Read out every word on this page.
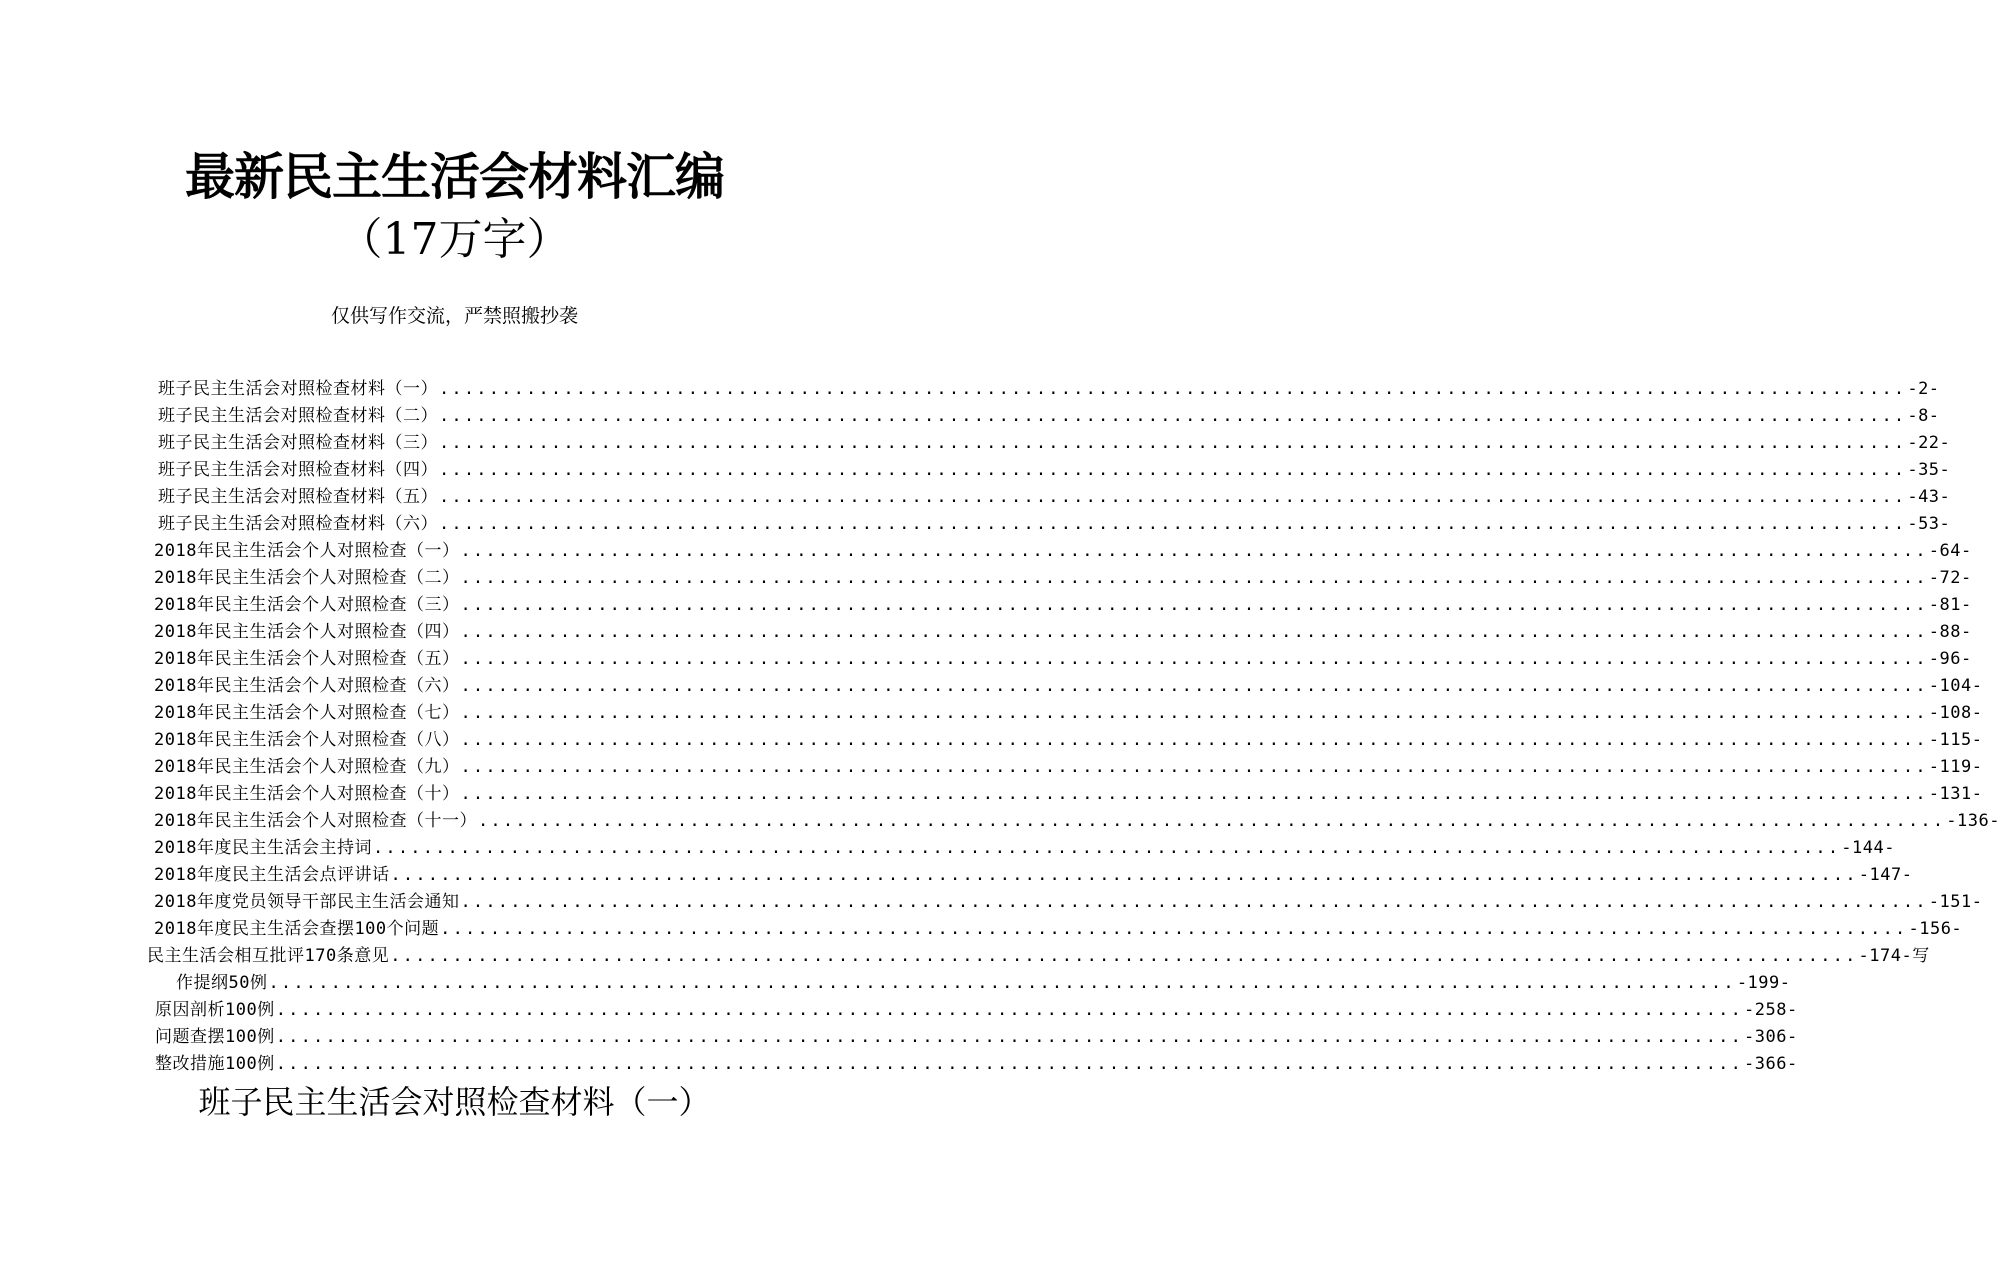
最新民主生活会材料汇编
（17万字）
仅供写作交流，严禁照搬抄袭
班子民主生活会对照检查材料（一） ...................................................................................................................... -2-
班子民主生活会对照检查材料（二） ...................................................................................................................... -8-
班子民主生活会对照检查材料（三） ...................................................................................................................... -22-
班子民主生活会对照检查材料（四） ...................................................................................................................... -35-
班子民主生活会对照检查材料（五） ...................................................................................................................... -43-
班子民主生活会对照检查材料（六） ...................................................................................................................... -53-
2018年民主生活会个人对照检查（一） ...................................................................................................................... -64-
2018年民主生活会个人对照检查（二） ...................................................................................................................... -72-
2018年民主生活会个人对照检查（三） ...................................................................................................................... -81-
2018年民主生活会个人对照检查（四） ...................................................................................................................... -88-
2018年民主生活会个人对照检查（五） ...................................................................................................................... -96-
2018年民主生活会个人对照检查（六） ...................................................................................................................... -104-
2018年民主生活会个人对照检查（七） ...................................................................................................................... -108-
2018年民主生活会个人对照检查（八） ...................................................................................................................... -115-
2018年民主生活会个人对照检查（九） ...................................................................................................................... -119-
2018年民主生活会个人对照检查（十） ...................................................................................................................... -131-
2018年民主生活会个人对照检查（十一） ...................................................................................................................... -136-
2018年度民主生活会主持词 ...................................................................................................................... -144-
2018年度民主生活会点评讲话 ...................................................................................................................... -147-
2018年度党员领导干部民主生活会通知 ...................................................................................................................... -151-
2018年度民主生活会查摆100个问题 ...................................................................................................................... -156-
民主生活会相互批评170条意见 ...................................................................................................................... -174-写
作提纲50例 ...................................................................................................................... -199-
原因剖析100例 ...................................................................................................................... -258-
问题查摆100例 ...................................................................................................................... -306-
整改措施100例 ...................................................................................................................... -366-
班子民主生活会对照检查材料（一）
